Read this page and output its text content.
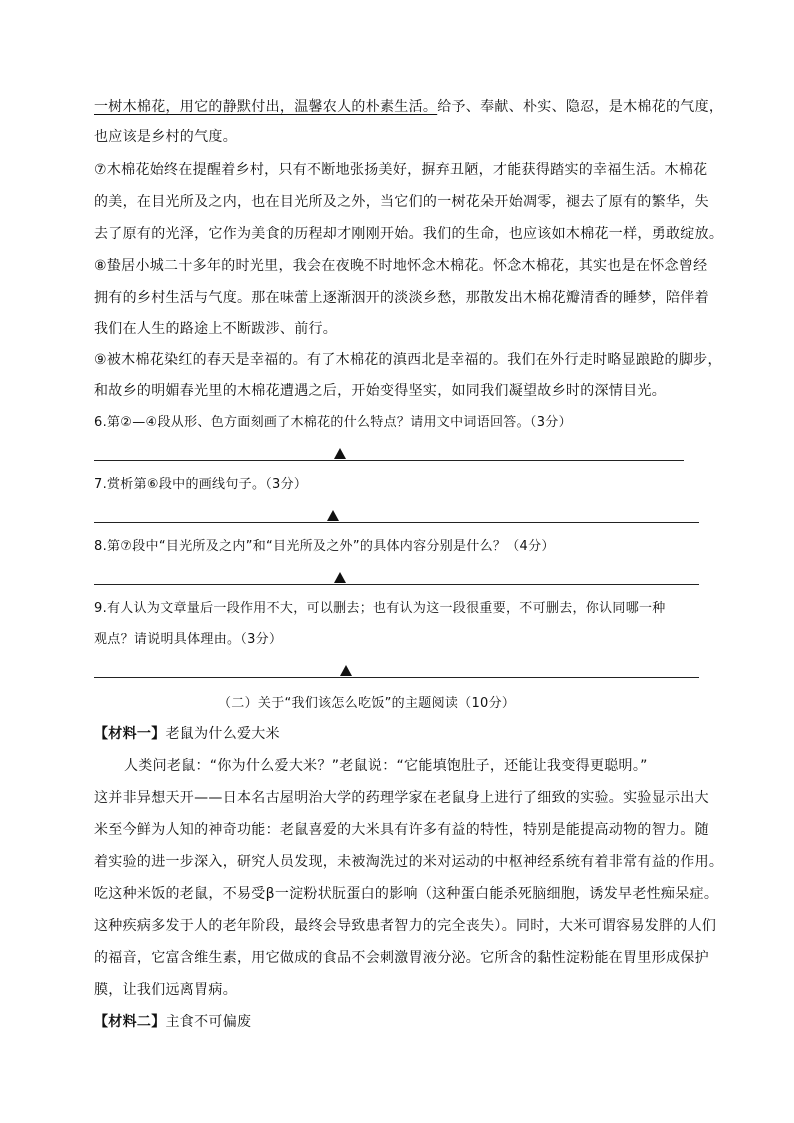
一树木棉花，用它的静默付出，温馨农人的朴素生活。给予、奉献、朴实、隐忍，是木棉花的气度，
也应该是乡村的气度。
⑦木棉花始终在提醒着乡村，只有不断地张扬美好，摒弃丑陋，才能获得踏实的幸福生活。木棉花
的美，在目光所及之内，也在目光所及之外，当它们的一树花朵开始凋零，褪去了原有的繁华，失
去了原有的光泽，它作为美食的历程却才刚刚开始。我们的生命，也应该如木棉花一样，勇敢绽放。
⑧蛰居小城二十多年的时光里，我会在夜晚不时地怀念木棉花。怀念木棉花，其实也是在怀念曾经
拥有的乡村生活与气度。那在味蕾上逐渐洇开的淡淡乡愁，那散发出木棉花瓣清香的睡梦，陪伴着
我们在人生的路途上不断跋涉、前行。
⑨被木棉花染红的春天是幸福的。有了木棉花的滇西北是幸福的。我们在外行走时略显踉跄的脚步，
和故乡的明媚春光里的木棉花遭遇之后，开始变得坚实，如同我们凝望故乡时的深情目光。
6.第②—④段从形、色方面刻画了木棉花的什么特点？请用文中词语回答。（3分）
7.赏析第⑥段中的画线句子。（3分）
8.第⑦段中“目光所及之内”和“目光所及之外”的具体内容分别是什么？（4分）
9.有人认为文章量后一段作用不大，可以删去；也有认为这一段很重要，不可删去，你认同哪一种
观点？请说明具体理由。（3分）
（二）关于“我们该怎么吃饭”的主题阅读（10分）
【材料一】老鼠为什么爱大米
人类问老鼠：“你为什么爱大米？”老鼠说：“它能填饱肚子，还能让我变得更聪明。”
这并非异想天开——日本名古屋明治大学的药理学家在老鼠身上进行了细致的实验。实验显示出大
米至今鲜为人知的神奇功能：老鼠喜爱的大米具有许多有益的特性，特别是能提高动物的智力。随
着实验的进一步深入，研究人员发现，未被淘洗过的米对运动的中枢神经系统有着非常有益的作用。
吃这种米饭的老鼠，不易受β一淀粉状朊蛋白的影响（这种蛋白能杀死脑细胞，诱发早老性痴呆症。
这种疾病多发于人的老年阶段，最终会导致患者智力的完全丧失）。同时，大米可谓容易发胖的人们
的福音，它富含维生素，用它做成的食品不会刺激胃液分泌。它所含的黏性淀粉能在胃里形成保护
膜，让我们远离胃病。
【材料二】主食不可偏废
